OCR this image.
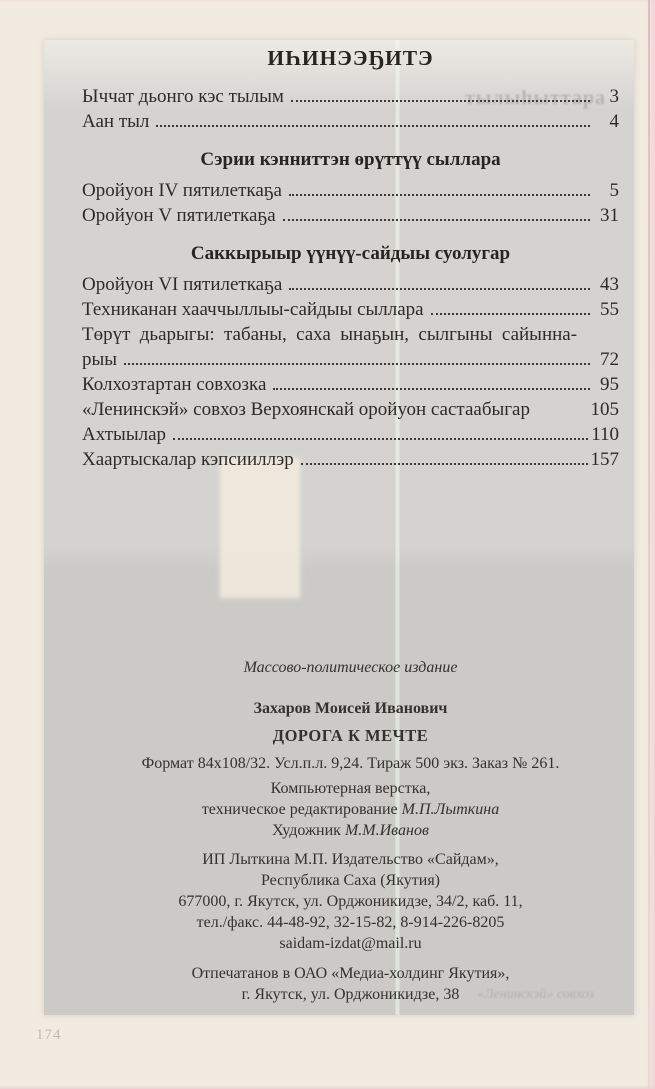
тылыһыттара
ИҺИНЭЭҔИТЭ
Ыччат дьонго кэс тылым	3
Аан тыл	4
Сэрии кэнниттэн өрүттүү сыллара
Оройуон IV пятилеткаҕа	5
Оройуон V пятилеткаҕа	31
Саккырыыр үүнүү-сайдыы суолугар
Оройуон VI пятилеткаҕа	43
Техниканан хааччыллыы-сайдыы сыллара	55
Төрүт дьарыгы: табаны, саха ынаҕын, сылгыны сайынна-
рыы	72
Колхозтартан совхозка	95
«Ленинскэй» совхоз Верхоянскай оройуон састаабыгар	105
Ахтыылар	110
Хаартыскалар кэпсииллэр	157

Массово-политическое издание

Захаров Моисей Иванович

ДОРОГА К МЕЧТЕ

Формат 84х108/32. Усл.п.л. 9,24. Тираж 500 экз. Заказ № 261.

Компьютерная верстка,

техническое редактирование М.П.Лыткина

Художник М.М.Иванов

ИП Лыткина М.П. Издательство «Сайдам»,

Республика Саха (Якутия)

677000, г. Якутск, ул. Орджоникидзе, 34/2, каб. 11,

тел./факс. 44-48-92, 32-15-82, 8-914-226-8205

saidam-izdat@mail.ru

Отпечатанов в ОАО «Медиа-холдинг Якутия»,

г. Якутск, ул. Орджоникидзе, 38	«Ленинскэй» совхоз
174
